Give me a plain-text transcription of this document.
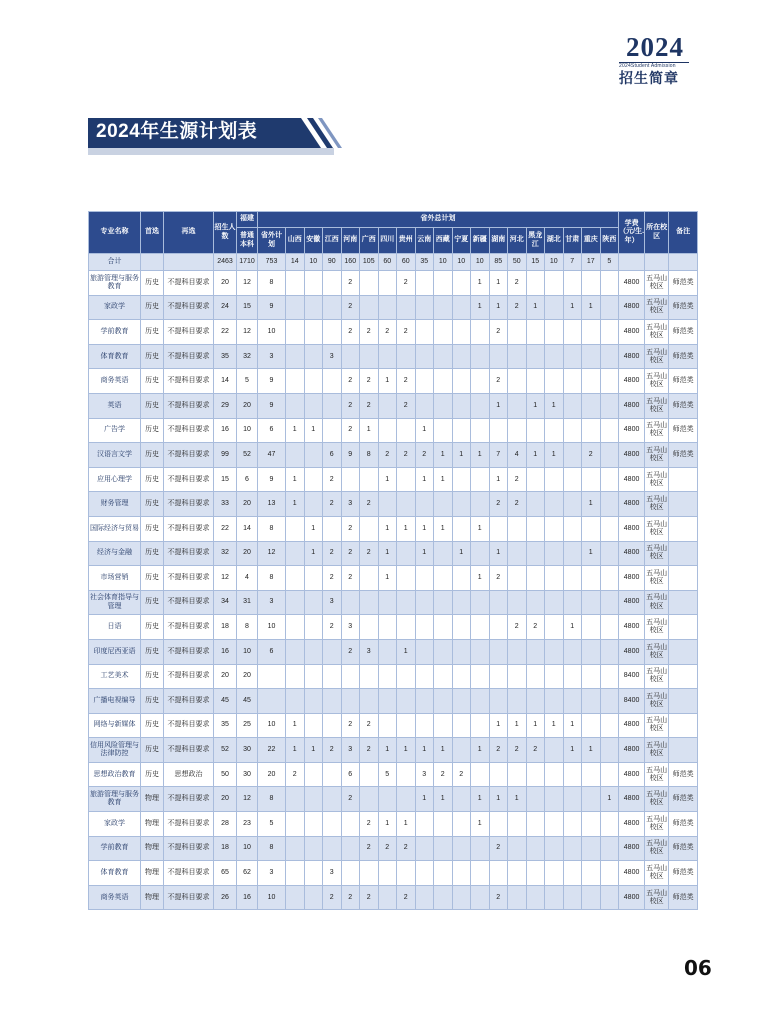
2024
2024Student Admission
招生简章
2024年生源计划表
专业名称	首选	再选	招生人数	福建	省外总计划																			学费（元/生.年）	所在校区	备注
				普通本科	省外计划	山西	安徽	江西	河南	广西	四川	贵州	云南	西藏	宁夏	新疆	湖南	河北	黑龙江	湖北	甘肃	重庆	陕西			
合计			2463	1710	753	14	10	90	160	105	60	60	35	10	10	10	85	50	15	10	7	17	5			
旅游管理与服务教育	历史	不提科目要求	20	12	8				2			2				1	1	2						4800	五马山校区	师范类
家政学	历史	不提科目要求	24	15	9				2							1	1	2	1		1	1		4800	五马山校区	师范类
学前教育	历史	不提科目要求	22	12	10				2	2	2	2					2							4800	五马山校区	师范类
体育教育	历史	不提科目要求	35	32	3			3																4800	五马山校区	师范类
商务英语	历史	不提科目要求	14	5	9				2	2	1	2					2							4800	五马山校区	师范类
英语	历史	不提科目要求	29	20	9				2	2		2					1		1	1				4800	五马山校区	师范类
广告学	历史	不提科目要求	16	10	6	1	1		2	1			1											4800	五马山校区	师范类
汉语言文学	历史	不提科目要求	99	52	47			6	9	8	2	2	2	1	1	1	7	4	1	1		2		4800	五马山校区	师范类
应用心理学	历史	不提科目要求	15	6	9	1		2			1		1	1			1	2						4800	五马山校区	
财务管理	历史	不提科目要求	33	20	13	1		2	3	2							2	2				1		4800	五马山校区	
国际经济与贸易	历史	不提科目要求	22	14	8		1		2		1	1	1	1		1								4800	五马山校区	
经济与金融	历史	不提科目要求	32	20	12		1	2	2	2	1		1		1		1					1		4800	五马山校区	
市场营销	历史	不提科目要求	12	4	8			2	2		1					1	2							4800	五马山校区	
社会体育指导与管理	历史	不提科目要求	34	31	3			3																4800	五马山校区	
日语	历史	不提科目要求	18	8	10			2	3									2	2		1			4800	五马山校区	
印度尼西亚语	历史	不提科目要求	16	10	6				2	3		1												4800	五马山校区	
工艺美术	历史	不提科目要求	20	20																				8400	五马山校区	
广播电视编导	历史	不提科目要求	45	45																				8400	五马山校区	
网络与新媒体	历史	不提科目要求	35	25	10	1			2	2							1	1	1	1	1			4800	五马山校区	
信用风险管理与法律防控	历史	不提科目要求	52	30	22	1	1	2	3	2	1	1	1	1		1	2	2	2		1	1		4800	五马山校区	
思想政治教育	历史	思想政治	50	30	20	2			6		5		3	2	2									4800	五马山校区	师范类
旅游管理与服务教育	物理	不提科目要求	20	12	8				2				1	1		1	1	1					1	4800	五马山校区	师范类
家政学	物理	不提科目要求	28	23	5					2	1	1				1								4800	五马山校区	师范类
学前教育	物理	不提科目要求	18	10	8					2	2	2					2							4800	五马山校区	师范类
体育教育	物理	不提科目要求	65	62	3			3																4800	五马山校区	师范类
商务英语	物理	不提科目要求	26	16	10			2	2	2		2					2							4800	五马山校区	师范类
06
